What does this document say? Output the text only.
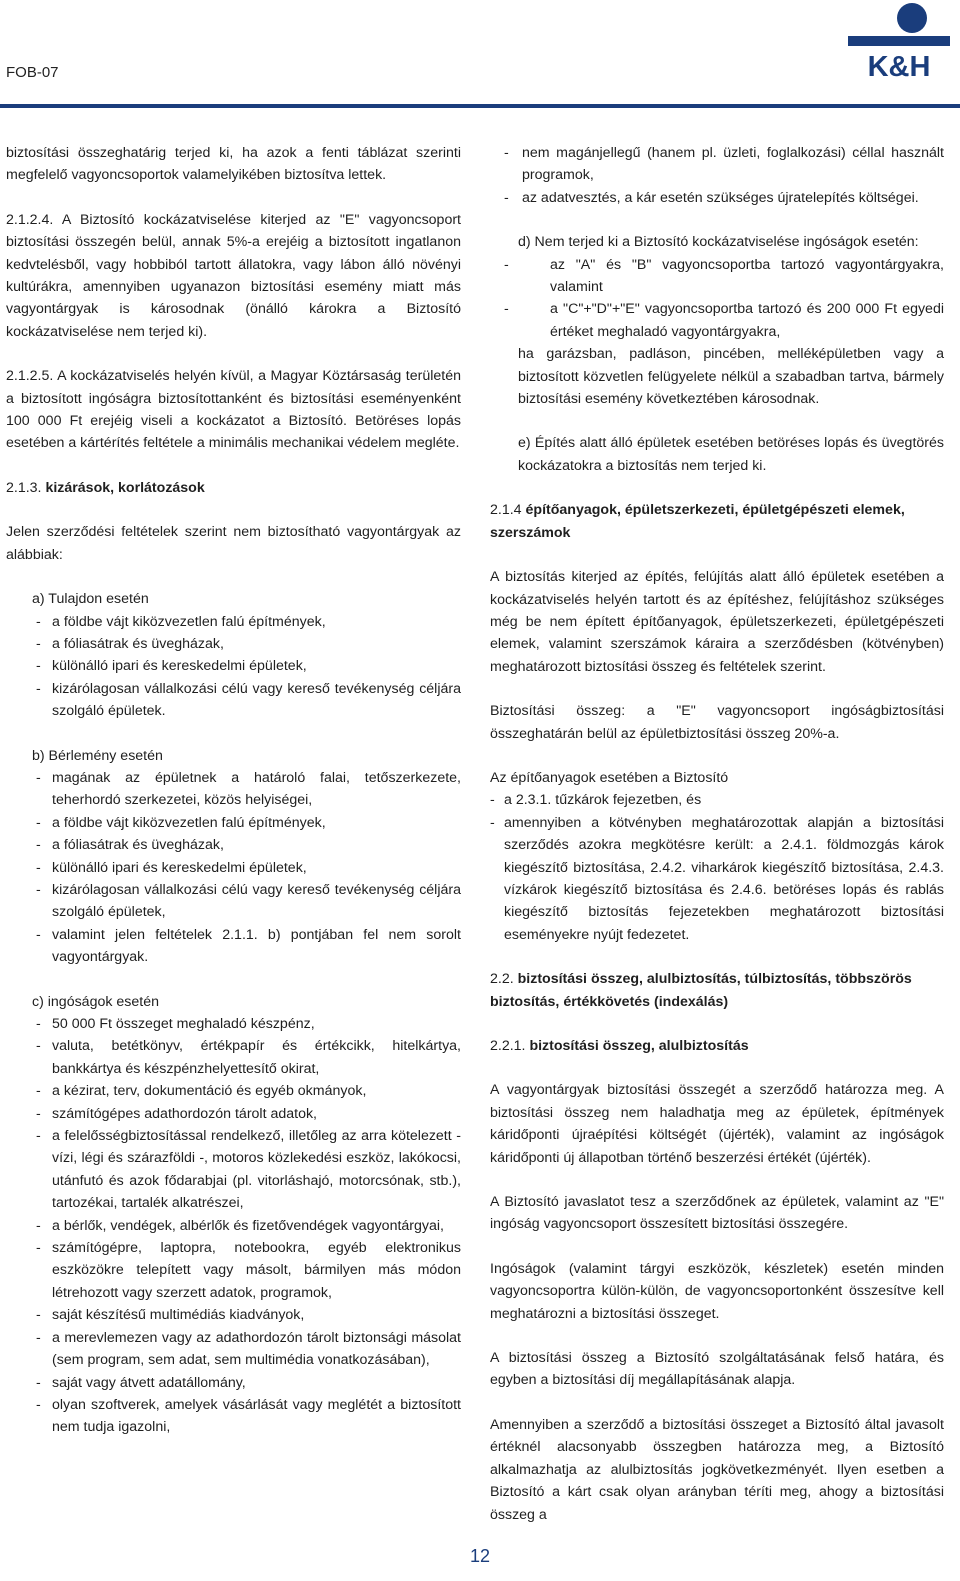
FOB-07	K&H

biztosítási összeghatárig terjed ki, ha azok a fenti táblázat szerinti megfelelő vagyoncsoportok valamelyikében biztosítva lettek.

2.1.2.4. A Biztosító kockázatviselése kiterjed az "E" vagyoncsoport biztosítási összegén belül, annak 5%-a erejéig a biztosított ingatlanon kedvtelésből, vagy hobbiból tartott állatokra, vagy lábon álló növényi kultúrákra, amennyiben ugyanazon biztosítási esemény miatt más vagyontárgyak is károsodnak (önálló károkra a Biztosító kockázatviselése nem terjed ki).

2.1.2.5. A kockázatviselés helyén kívül, a Magyar Köztársaság területén a biztosított ingóságra biztosítottanként és biztosítási eseményenként 100 000 Ft erejéig viseli a kockázatot a Biztosító. Betöréses lopás esetében a kártérítés feltétele a minimális mechanikai védelem megléte.

2.1.3. kizárások, korlátozások

Jelen szerződési feltételek szerint nem biztosítható vagyontárgyak az alábbiak:

a) Tulajdon esetén
- a földbe vájt kiközvezetlen falú építmények,
- a fóliasátrak és üvegházak,
- különálló ipari és kereskedelmi épületek,
- kizárólagosan vállalkozási célú vagy kereső tevékenység céljára szolgáló épületek.
b) Bérlemény esetén
- magának az épületnek a határoló falai, tetőszerkezete, teherhordó szerkezetei, közös helyiségei,
- a földbe vájt kiközvezetlen falú építmények,
- a fóliasátrak és üvegházak,
- különálló ipari és kereskedelmi épületek,
- kizárólagosan vállalkozási célú vagy kereső tevékenység céljára szolgáló épületek,
- valamint jelen feltételek 2.1.1. b) pontjában fel nem sorolt vagyontárgyak.
c) ingóságok esetén
- 50 000 Ft összeget meghaladó készpénz,
- valuta, betétkönyv, értékpapír és értékcikk, hitelkártya, bankkártya és készpénzhelyettesítő okirat,
- a kézirat, terv, dokumentáció és egyéb okmányok,
- számítógépes adathordozón tárolt adatok,
- a felelősségbiztosítással rendelkező, illetőleg az arra kötelezett - vízi, légi és szárazföldi -, motoros közlekedési eszköz, lakókocsi, utánfutó és azok fődarabjai (pl. vitorláshajó, motorcsónak, stb.), tartozékai, tartalék alkatrészei,
- a bérlők, vendégek, albérlők és fizetővendégek vagyontárgyai,
- számítógépre, laptopra, notebookra, egyéb elektronikus eszközökre telepített vagy másolt, bármilyen más módon létrehozott vagy szerzett adatok, programok,
- saját készítésű multimédiás kiadványok,
- a merevlemezen vagy az adathordozón tárolt biztonsági másolat (sem program, sem adat, sem multimédia vonatkozásában),
- saját vagy átvett adatállomány,
- olyan szoftverek, amelyek vásárlását vagy meglétét a biztosított nem tudja igazolni,
- nem magánjellegű (hanem pl. üzleti, foglalkozási) céllal használt programok,
- az adatvesztés, a kár esetén szükséges újratelepítés költségei.
d) Nem terjed ki a Biztosító kockázatviselése ingóságok esetén:
- az "A" és "B" vagyoncsoportba tartozó vagyontárgyakra, valamint
- a "C"+"D"+"E" vagyoncsoportba tartozó és 200 000 Ft egyedi értéket meghaladó vagyontárgyakra,

ha garázsban, padláson, pincében, melléképületben vagy a biztosított közvetlen felügyelete nélkül a szabadban tartva, bármely biztosítási esemény következtében károsodnak.

e) Építés alatt álló épületek esetében betöréses lopás és üvegtörés kockázatokra a biztosítás nem terjed ki.

2.1.4 építőanyagok, épületszerkezeti, épületgépészeti elemek, szerszámok

A biztosítás kiterjed az építés, felújítás alatt álló épületek esetében a kockázatviselés helyén tartott és az építéshez, felújításhoz szükséges még be nem épített építőanyagok, épületszerkezeti, épületgépészeti elemek, valamint szerszámok káraira a szerződésben (kötvényben) meghatározott biztosítási összeg és feltételek szerint.

Biztosítási összeg: a "E" vagyoncsoport ingóságbiztosítási összeghatárán belül az épületbiztosítási összeg 20%-a.

Az építőanyagok esetében a Biztosító
- a 2.3.1. tűzkárok fejezetben, és
- amennyiben a kötvényben meghatározottak alapján a biztosítási szerződés azokra megkötésre került: a 2.4.1. földmozgás károk kiegészítő biztosítása, 2.4.2. viharkárok kiegészítő biztosítása, 2.4.3. vízkárok kiegészítő biztosítása és 2.4.6. betöréses lopás és rablás kiegészítő biztosítás fejezetekben meghatározott biztosítási eseményekre nyújt fedezetet.
2.2. biztosítási összeg, alulbiztosítás, túlbiztosítás, többszörös biztosítás, értékkövetés (indexálás)
2.2.1. biztosítási összeg, alulbiztosítás

A vagyontárgyak biztosítási összegét a szerződő határozza meg. A biztosítási összeg nem haladhatja meg az épületek, építmények káridőponti újraépítési költségét (újérték), valamint az ingóságok káridőponti új állapotban történő beszerzési értékét (újérték).

A Biztosító javaslatot tesz a szerződőnek az épületek, valamint az "E" ingóság vagyoncsoport összesített biztosítási összegére.

Ingóságok (valamint tárgyi eszközök, készletek) esetén minden vagyoncsoportra külön-külön, de vagyoncsoportonként összesítve kell meghatározni a biztosítási összeget.

A biztosítási összeg a Biztosító szolgáltatásának felső határa, és egyben a biztosítási díj megállapításának alapja.

Amennyiben a szerződő a biztosítási összeget a Biztosító által javasolt értéknél alacsonyabb összegben határozza meg, a Biztosító alkalmazhatja az alulbiztosítás jogkövetkezményét. Ilyen esetben a Biztosító a kárt csak olyan arányban téríti meg, ahogy a biztosítási összeg a

12
